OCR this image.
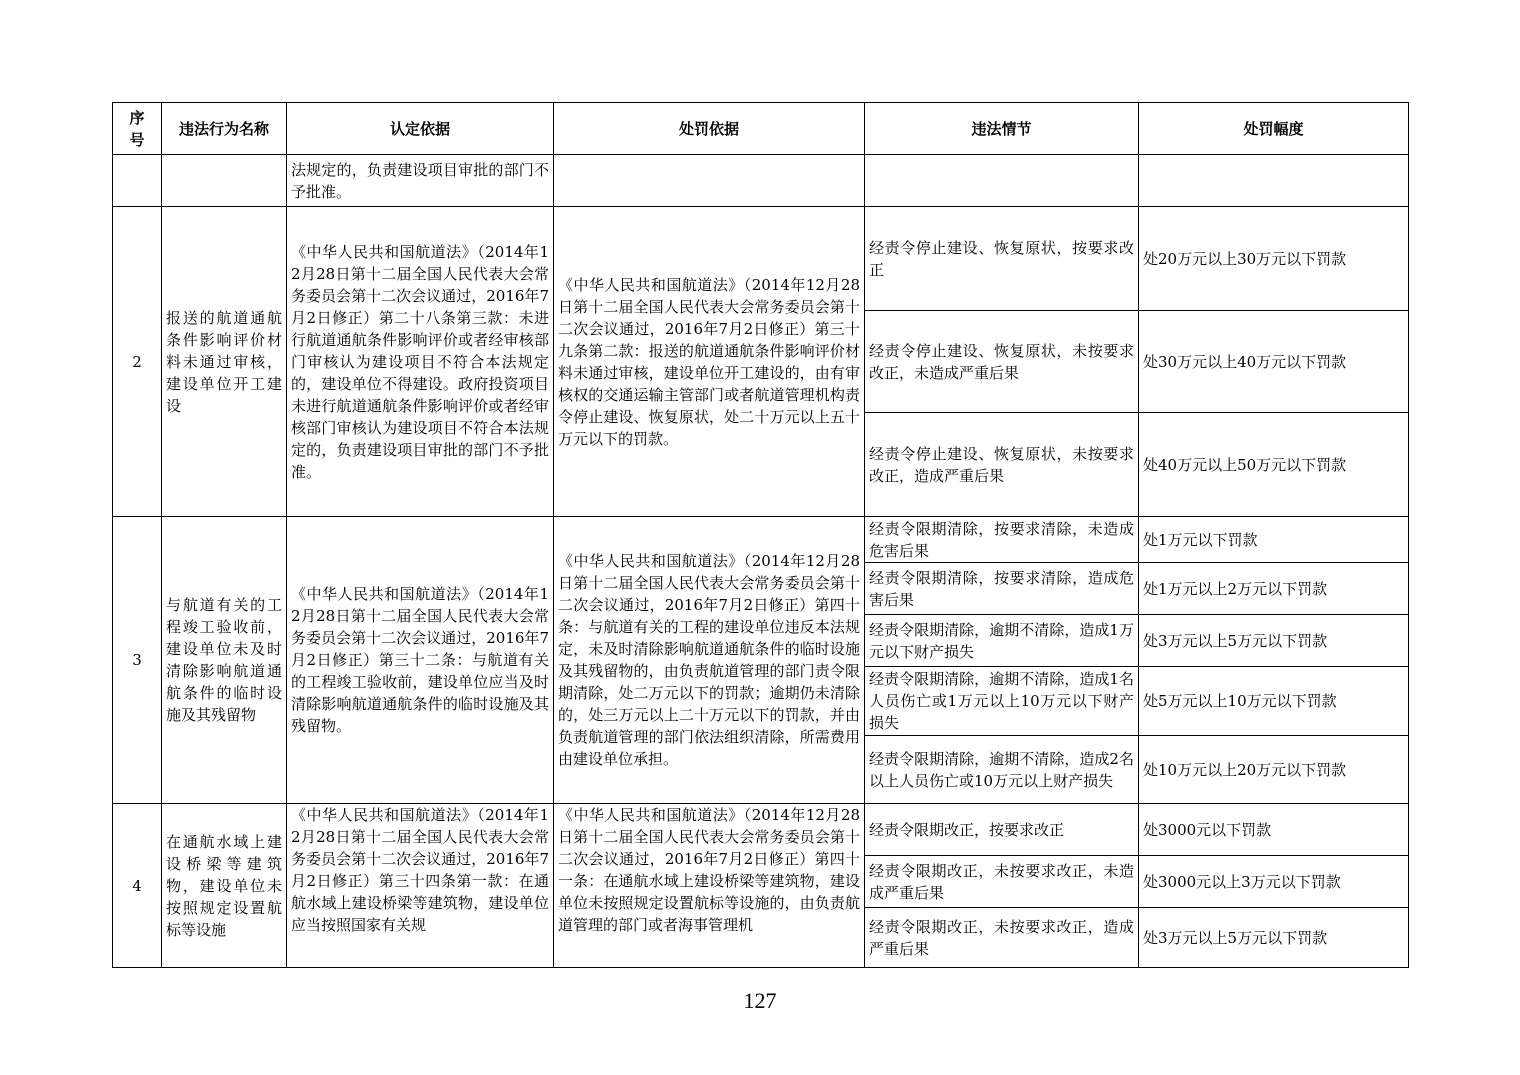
序号	违法行为名称	认定依据	处罚依据	违法情节	处罚幅度
		法规定的，负责建设项目审批的部门不予批准。			
2	报送的航道通航条件影响评价材料未通过审核，建设单位开工建设	《中华人民共和国航道法》（2014年12月28日第十二届全国人民代表大会常务委员会第十二次会议通过，2016年7月2日修正）第二十八条第三款：未进行航道通航条件影响评价或者经审核部门审核认为建设项目不符合本法规定的，建设单位不得建设。政府投资项目未进行航道通航条件影响评价或者经审核部门审核认为建设项目不符合本法规定的，负责建设项目审批的部门不予批准。	《中华人民共和国航道法》（2014年12月28日第十二届全国人民代表大会常务委员会第十二次会议通过，2016年7月2日修正）第三十九条第二款：报送的航道通航条件影响评价材料未通过审核，建设单位开工建设的，由有审核权的交通运输主管部门或者航道管理机构责令停止建设、恢复原状，处二十万元以上五十万元以下的罚款。	经责令停止建设、恢复原状，按要求改正	处20万元以上30万元以下罚款
				经责令停止建设、恢复原状，未按要求改正，未造成严重后果	处30万元以上40万元以下罚款
				经责令停止建设、恢复原状，未按要求改正，造成严重后果	处40万元以上50万元以下罚款
3	与航道有关的工程竣工验收前，建设单位未及时清除影响航道通航条件的临时设施及其残留物	《中华人民共和国航道法》（2014年12月28日第十二届全国人民代表大会常务委员会第十二次会议通过，2016年7月2日修正）第三十二条：与航道有关的工程竣工验收前，建设单位应当及时清除影响航道通航条件的临时设施及其残留物。	《中华人民共和国航道法》（2014年12月28日第十二届全国人民代表大会常务委员会第十二次会议通过，2016年7月2日修正）第四十条：与航道有关的工程的建设单位违反本法规定，未及时清除影响航道通航条件的临时设施及其残留物的，由负责航道管理的部门责令限期清除，处二万元以下的罚款；逾期仍未清除的，处三万元以上二十万元以下的罚款，并由负责航道管理的部门依法组织清除，所需费用由建设单位承担。	经责令限期清除，按要求清除，未造成危害后果	处1万元以下罚款
				经责令限期清除，按要求清除，造成危害后果	处1万元以上2万元以下罚款
				经责令限期清除，逾期不清除，造成1万元以下财产损失	处3万元以上5万元以下罚款
				经责令限期清除，逾期不清除，造成1名人员伤亡或1万元以上10万元以下财产损失	处5万元以上10万元以下罚款
				经责令限期清除，逾期不清除，造成2名以上人员伤亡或10万元以上财产损失	处10万元以上20万元以下罚款
4	在通航水域上建设桥梁等建筑物，建设单位未按照规定设置航标等设施	《中华人民共和国航道法》（2014年12月28日第十二届全国人民代表大会常务委员会第十二次会议通过，2016年7月2日修正）第三十四条第一款：在通航水域上建设桥梁等建筑物，建设单位应当按照国家有关规	《中华人民共和国航道法》（2014年12月28日第十二届全国人民代表大会常务委员会第十二次会议通过，2016年7月2日修正）第四十一条：在通航水域上建设桥梁等建筑物，建设单位未按照规定设置航标等设施的，由负责航道管理的部门或者海事管理机	经责令限期改正，按要求改正	处3000元以下罚款
				经责令限期改正，未按要求改正，未造成严重后果	处3000元以上3万元以下罚款
				经责令限期改正，未按要求改正，造成严重后果	处3万元以上5万元以下罚款
127
